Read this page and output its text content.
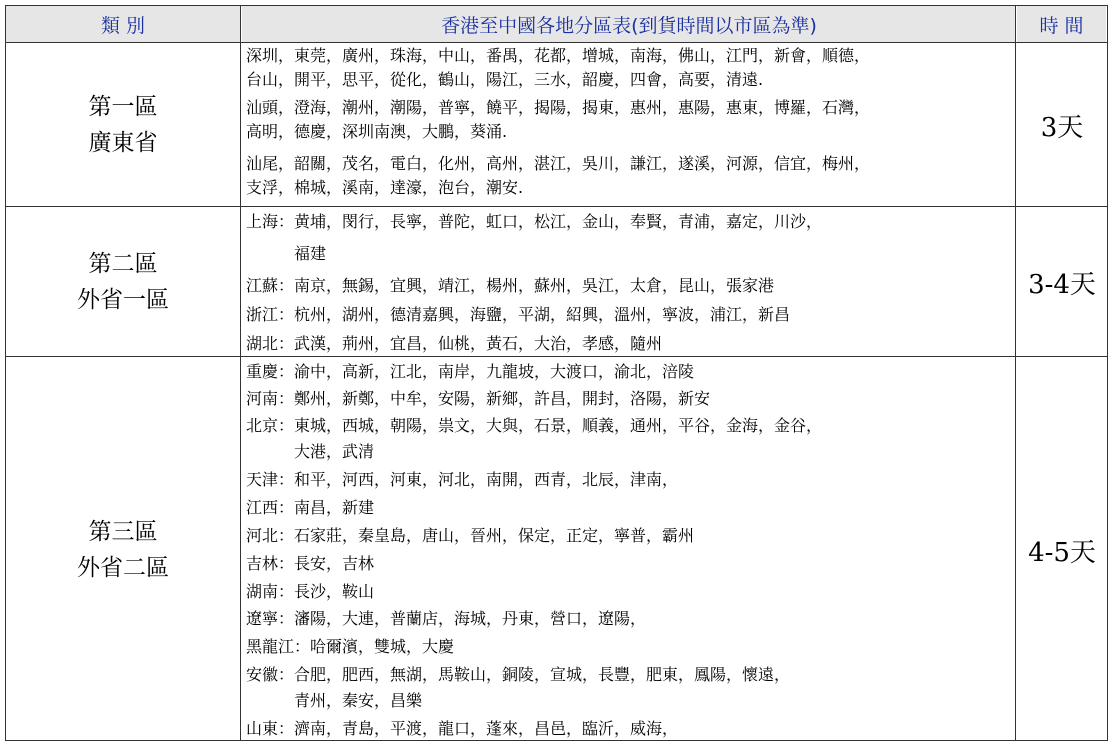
類 別	香港至中國各地分區表(到貨時間以市區為準)	時 間
第一區
廣東省
深圳，東莞，廣州，珠海，中山，番禺，花都，增城，南海，佛山，江門，新會，順德，
台山，開平，思平，從化，鶴山，陽江，三水，韶慶，四會，高要，清遠.
汕頭，澄海，潮州，潮陽，普寧，饒平，揭陽，揭東，惠州，惠陽，惠東，博羅，石灣，
高明，德慶，深圳南澳，大鵬，葵涌.
汕尾，韶關，茂名，電白，化州，高州，湛江，吳川，謙江，遂溪，河源，信宜，梅州，
支浮，棉城，溪南，達濠，泡台，潮安.
3天
第二區
外省一區
上海：黄埔，閔行，長寧，普陀，虹口，松江，金山，奉賢，青浦，嘉定，川沙，
　　　福建
江蘇：南京，無錫，宜興，靖江，楊州，蘇州，吳江，太倉，昆山，張家港
浙江：杭州，湖州，德清嘉興，海鹽，平湖，紹興，溫州，寧波，浦江，新昌
湖北：武漢，荊州，宜昌，仙桃，黃石，大治，孝感，隨州
3-4天
第三區
外省二區
重慶：渝中，高新，江北，南岸，九龍坡，大渡口，渝北，涪陵
河南：鄭州，新鄭，中牟，安陽，新鄉，許昌，開封，洛陽，新安
北京：東城，西城，朝陽，祟文，大與，石景，順義，通州，平谷，金海，金谷，
　　　大港，武清
天津：和平，河西，河東，河北，南開，西青，北辰，津南，
江西：南昌，新建
河北：石家莊，秦皇島，唐山，晉州，保定，正定，寧普，霸州
吉林：長安，吉林
湖南：長沙，鞍山
遼寧：瀋陽，大連，普蘭店，海城，丹東，營口，遼陽，
黑龍江：哈爾濱，雙城，大慶
安徽：合肥，肥西，無湖，馬鞍山，銅陵，宣城，長豐，肥東，鳳陽，懷遠，
　　　青州，秦安，昌樂
山東：濟南，青島，平渡，龍口，蓬來，昌邑，臨沂，威海，
4-5天
